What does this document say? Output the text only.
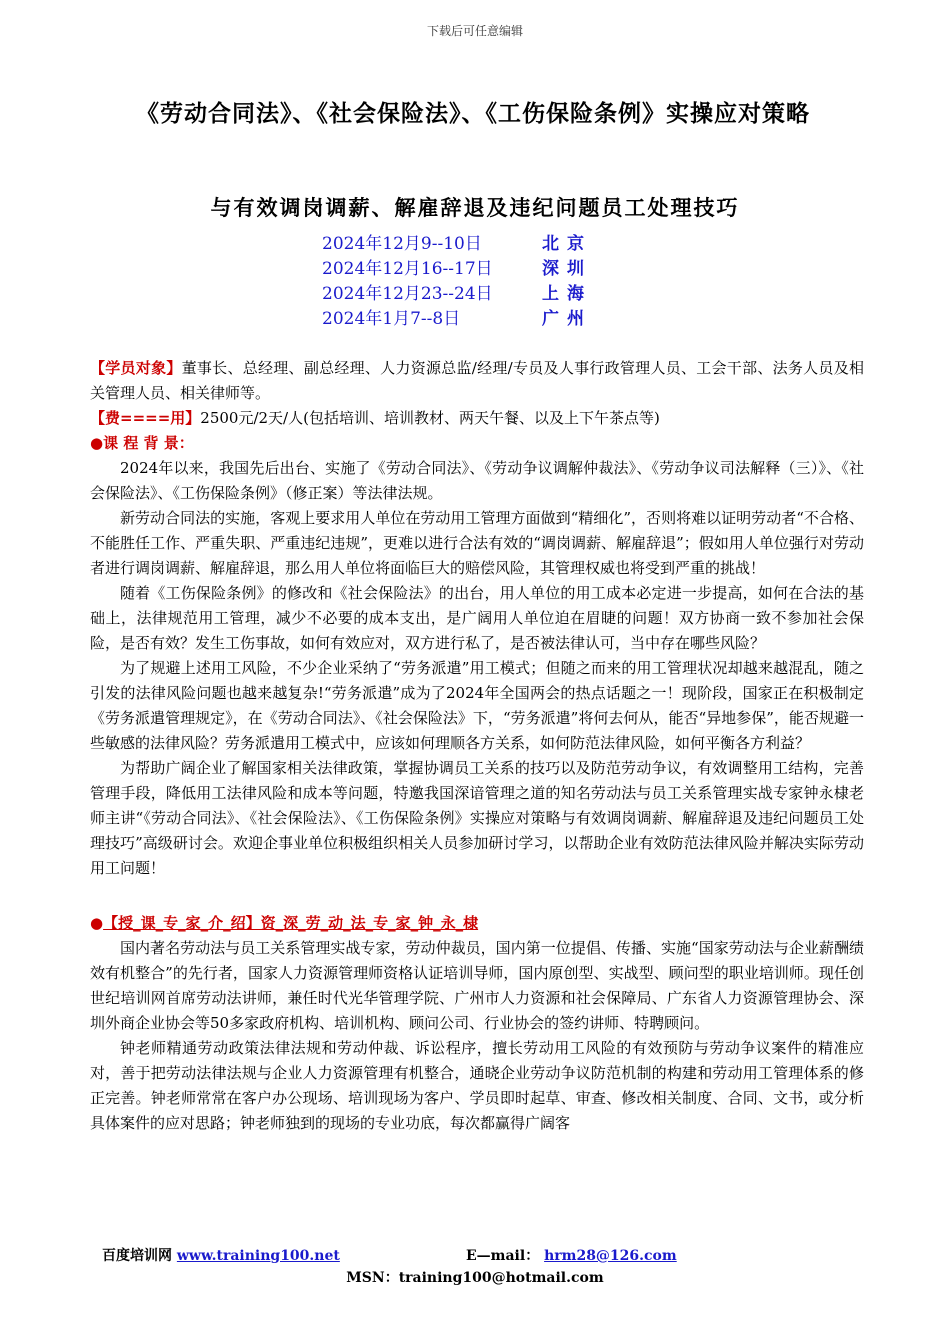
下载后可任意编辑
《劳动合同法》、《社会保险法》、《工伤保险条例》实操应对策略
与有效调岗调薪、解雇辞退及违纪问题员工处理技巧
2024年12月9--10日	北京
2024年12月16--17日	深圳
2024年12月23--24日	上海
2024年1月7--8日	广州

【学员对象】董事长、总经理、副总经理、人力资源总监/经理/专员及人事行政管理人员、工会干部、法务人员及相关管理人员、相关律师等。

【费====用】2500元/2天/人(包括培训、培训教材、两天午餐、以及上下午茶点等)

●课 程 背 景：

2024年以来，我国先后出台、实施了《劳动合同法》、《劳动争议调解仲裁法》、《劳动争议司法解释（三）》、《社会保险法》、《工伤保险条例》（修正案）等法律法规。

新劳动合同法的实施，客观上要求用人单位在劳动用工管理方面做到“精细化”，否则将难以证明劳动者“不合格、不能胜任工作、严重失职、严重违纪违规”，更难以进行合法有效的“调岗调薪、解雇辞退”；假如用人单位强行对劳动者进行调岗调薪、解雇辞退，那么用人单位将面临巨大的赔偿风险，其管理权威也将受到严重的挑战！

随着《工伤保险条例》的修改和《社会保险法》的出台，用人单位的用工成本必定进一步提高，如何在合法的基础上，法律规范用工管理，减少不必要的成本支出，是广阔用人单位迫在眉睫的问题！双方协商一致不参加社会保险，是否有效？发生工伤事故，如何有效应对，双方进行私了，是否被法律认可，当中存在哪些风险？

为了规避上述用工风险，不少企业采纳了“劳务派遣”用工模式；但随之而来的用工管理状况却越来越混乱，随之引发的法律风险问题也越来越复杂!“劳务派遣”成为了2024年全国两会的热点话题之一！现阶段，国家正在积极制定《劳务派遣管理规定》，在《劳动合同法》、《社会保险法》下，“劳务派遣”将何去何从，能否“异地参保”，能否规避一些敏感的法律风险？劳务派遣用工模式中，应该如何理顺各方关系，如何防范法律风险，如何平衡各方利益？

为帮助广阔企业了解国家相关法律政策，掌握协调员工关系的技巧以及防范劳动争议，有效调整用工结构，完善管理手段，降低用工法律风险和成本等问题，特邀我国深谙管理之道的知名劳动法与员工关系管理实战专家钟永棣老师主讲“《劳动合同法》、《社会保险法》、《工伤保险条例》实操应对策略与有效调岗调薪、解雇辞退及违纪问题员工处理技巧”高级研讨会。欢迎企事业单位积极组织相关人员参加研讨学习，以帮助企业有效防范法律风险并解决实际劳动用工问题！

●【授_课_专_家_介_绍】资_深_劳_动_法_专_家_钟_永_棣

国内著名劳动法与员工关系管理实战专家，劳动仲裁员，国内第一位提倡、传播、实施“国家劳动法与企业薪酬绩效有机整合”的先行者，国家人力资源管理师资格认证培训导师，国内原创型、实战型、顾问型的职业培训师。现任创世纪培训网首席劳动法讲师，兼任时代光华管理学院、广州市人力资源和社会保障局、广东省人力资源管理协会、深圳外商企业协会等50多家政府机构、培训机构、顾问公司、行业协会的签约讲师、特聘顾问。

钟老师精通劳动政策法律法规和劳动仲裁、诉讼程序，擅长劳动用工风险的有效预防与劳动争议案件的精准应对，善于把劳动法律法规与企业人力资源管理有机整合，通晓企业劳动争议防范机制的构建和劳动用工管理体系的修正完善。钟老师常常在客户办公现场、培训现场为客户、学员即时起草、审查、修改相关制度、合同、文书，或分析具体案件的应对思路；钟老师独到的现场的专业功底，每次都赢得广阔客

百度培训网 www.training100.net	E—mail： hrm28@126.com
MSN：training100@hotmail.com
